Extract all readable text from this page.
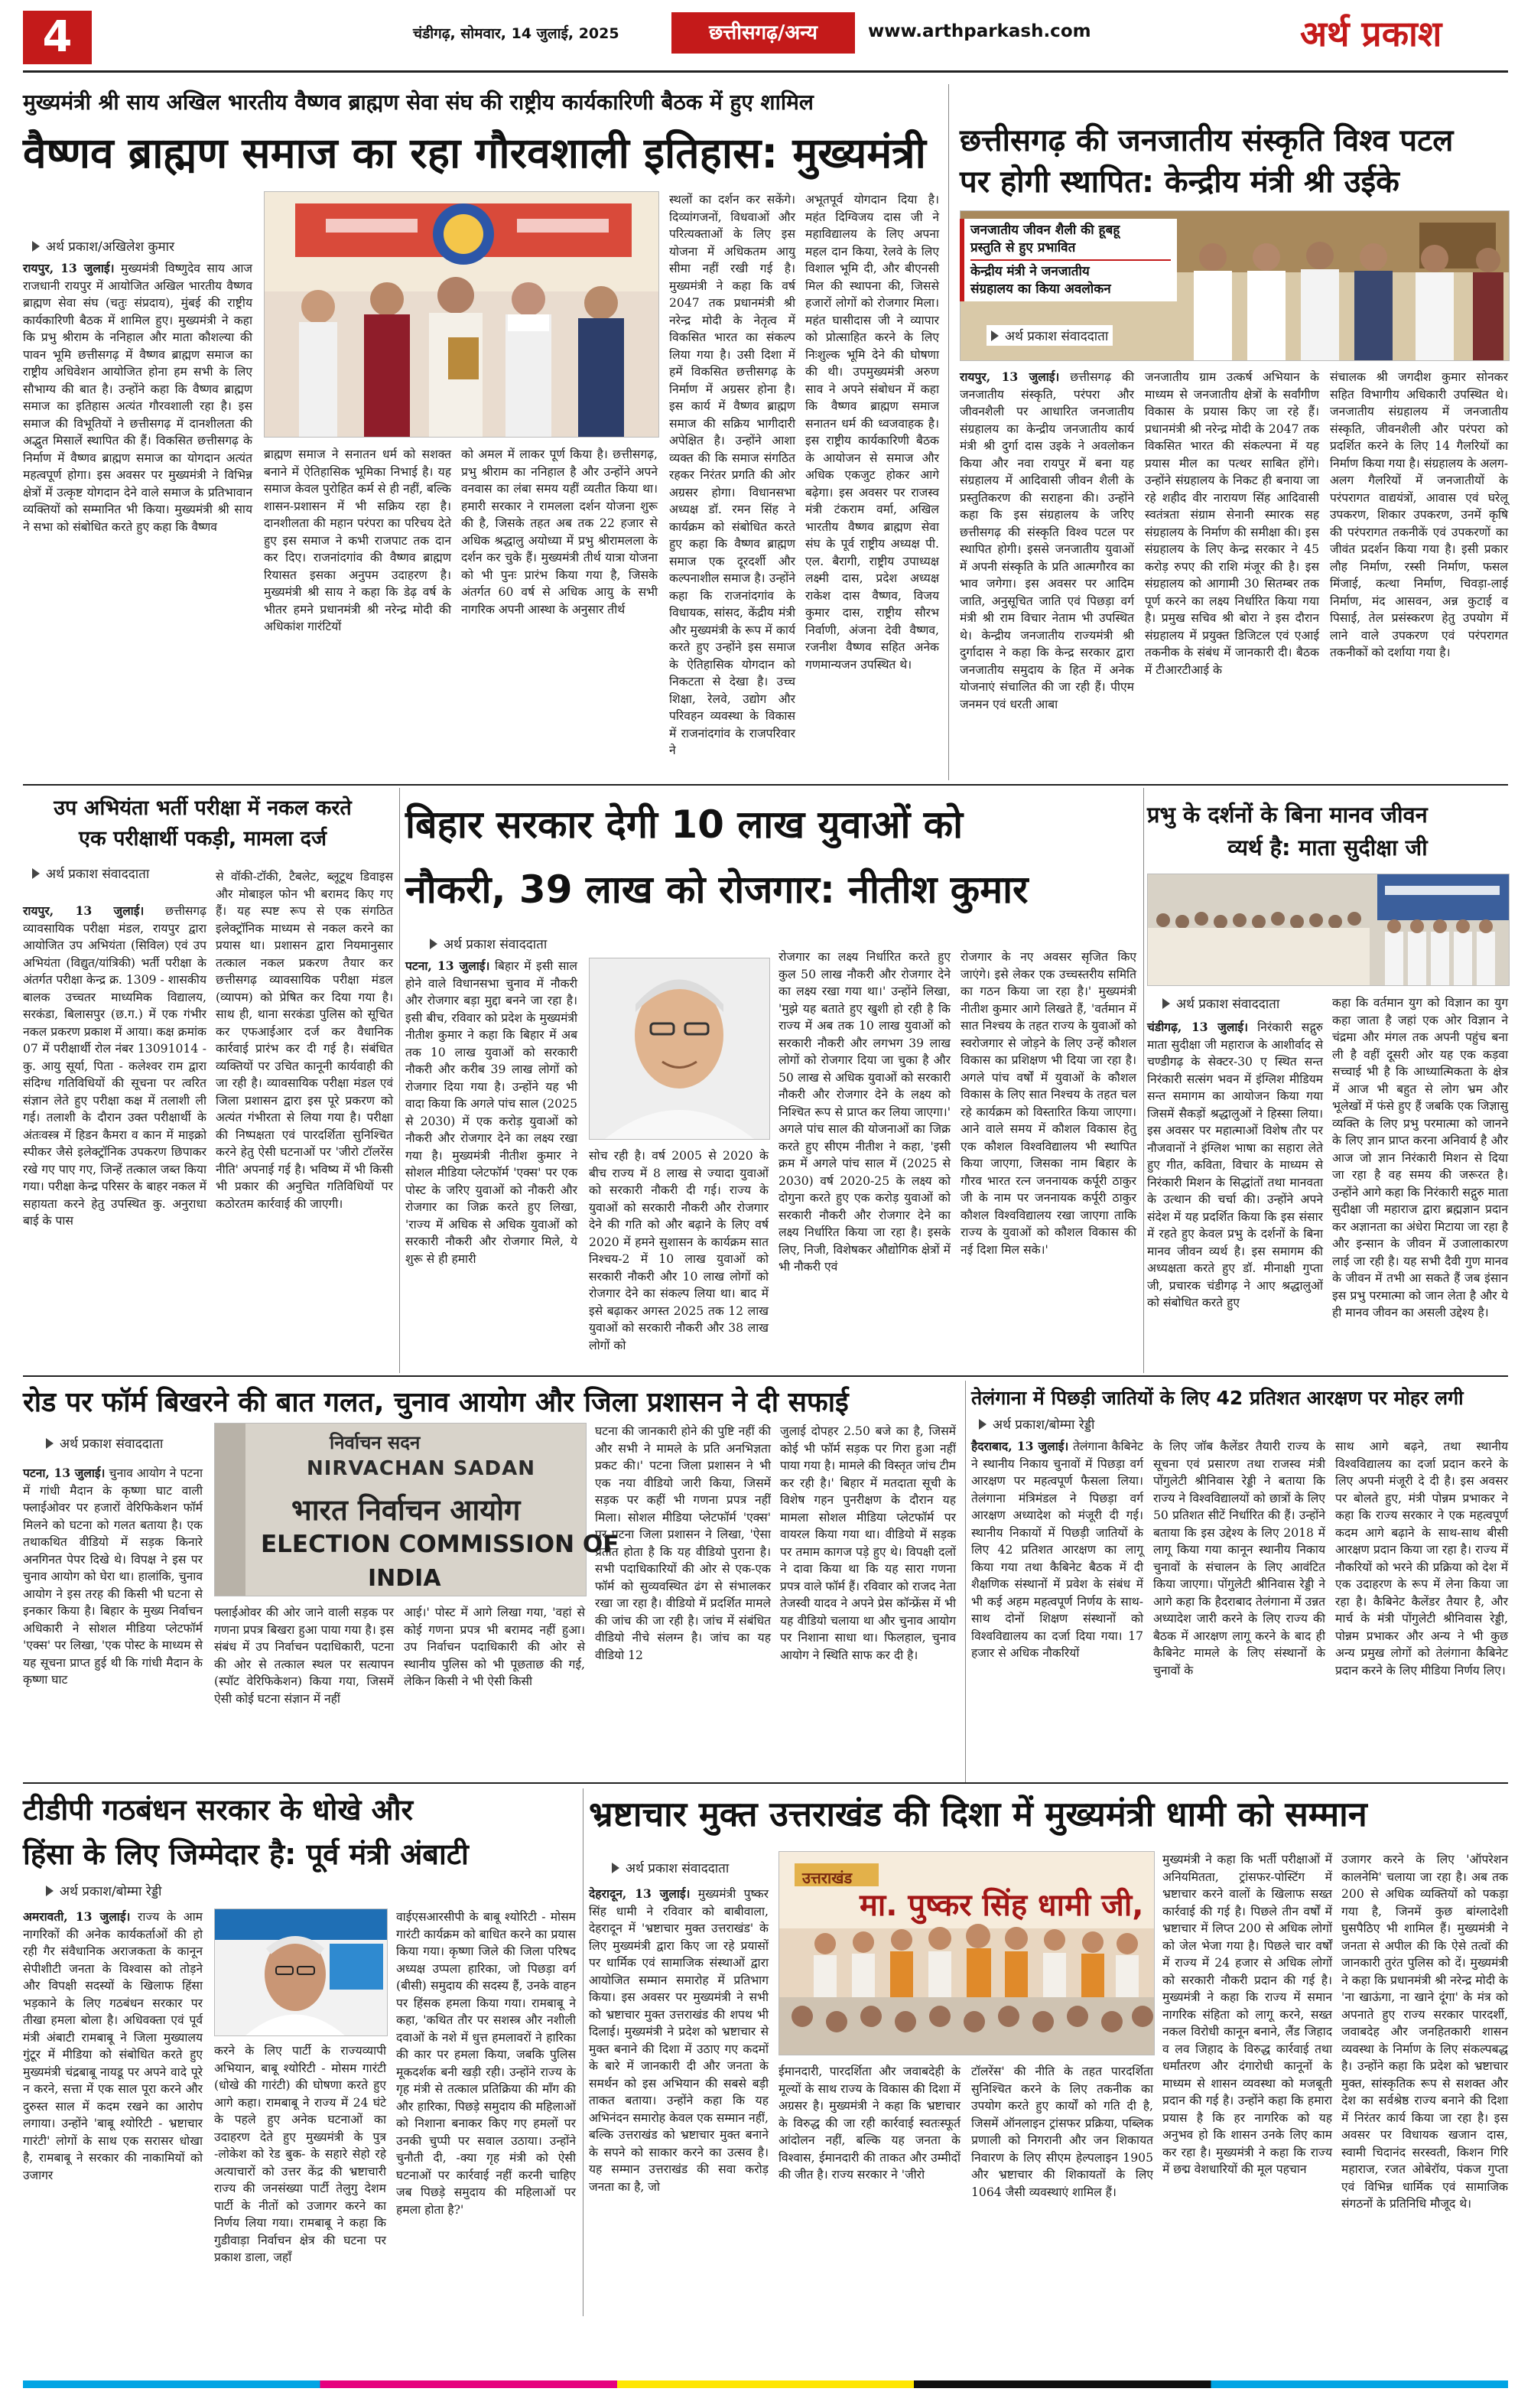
4	चंडीगढ़, सोमवार, 14 जुलाई, 2025	छत्तीसगढ़/अन्य	www.arthparkash.com	अर्थ प्रकाश
मुख्यमंत्री श्री साय अखिल भारतीय वैष्णव ब्राह्मण सेवा संघ की राष्ट्रीय कार्यकारिणी बैठक में हुए शामिल
वैष्णव ब्राह्मण समाज का रहा गौरवशाली इतिहास: मुख्यमंत्री
अर्थ प्रकाश/अखिलेश कुमार
रायपुर, 13 जुलाई। मुख्यमंत्री विष्णुदेव साय आज राजधानी रायपुर में आयोजित अखिल भारतीय वैष्णव ब्राह्मण सेवा संघ (चतुः संप्रदाय), मुंबई की राष्ट्रीय कार्यकारिणी बैठक में शामिल हुए। मुख्यमंत्री ने कहा कि प्रभु श्रीराम के ननिहाल और माता कौशल्या की पावन भूमि छत्तीसगढ़ में वैष्णव ब्राह्मण समाज का राष्ट्रीय अधिवेशन आयोजित होना हम सभी के लिए सौभाग्य की बात है। उन्होंने कहा कि वैष्णव ब्राह्मण समाज का इतिहास अत्यंत गौरवशाली रहा है। इस समाज की विभूतियों ने छत्तीसगढ़ में दानशीलता की अद्भुत मिसालें स्थापित की हैं। विकसित छत्तीसगढ़ के निर्माण में वैष्णव ब्राह्मण समाज का योगदान अत्यंत महत्वपूर्ण होगा। इस अवसर पर मुख्यमंत्री ने विभिन्न क्षेत्रों में उत्कृष्ट योगदान देने वाले समाज के प्रतिभावान व्यक्तियों को सम्मानित भी किया। मुख्यमंत्री श्री साय ने सभा को संबोधित करते हुए कहा कि वैष्णव
ब्राह्मण समाज ने सनातन धर्म को सशक्त बनाने में ऐतिहासिक भूमिका निभाई है। यह समाज केवल पुरोहित कर्म से ही नहीं, बल्कि शासन-प्रशासन में भी सक्रिय रहा है। दानशीलता की महान परंपरा का परिचय देते हुए इस समाज ने कभी राजपाट तक दान कर दिए। राजनांदगांव की वैष्णव ब्राह्मण रियासत इसका अनुपम उदाहरण है। मुख्यमंत्री श्री साय ने कहा कि डेढ़ वर्ष के भीतर हमने प्रधानमंत्री श्री नरेन्द्र मोदी की अधिकांश गारंटियों
को अमल में लाकर पूर्ण किया है। छत्तीसगढ़, प्रभु श्रीराम का ननिहाल है और उन्होंने अपने वनवास का लंबा समय यहीं व्यतीत किया था। हमारी सरकार ने रामलला दर्शन योजना शुरू की है, जिसके तहत अब तक 22 हजार से अधिक श्रद्धालु अयोध्या में प्रभु श्रीरामलला के दर्शन कर चुके हैं। मुख्यमंत्री तीर्थ यात्रा योजना को भी पुनः प्रारंभ किया गया है, जिसके अंतर्गत 60 वर्ष से अधिक आयु के सभी नागरिक अपनी आस्था के अनुसार तीर्थ
स्थलों का दर्शन कर सकेंगे। दिव्यांगजनों, विधवाओं और परित्यक्ताओं के लिए इस योजना में अधिकतम आयु सीमा नहीं रखी गई है। मुख्यमंत्री ने कहा कि वर्ष 2047 तक प्रधानमंत्री श्री नरेन्द्र मोदी के नेतृत्व में विकसित भारत का संकल्प लिया गया है। उसी दिशा में हमें विकसित छत्तीसगढ़ के निर्माण में अग्रसर होना है। इस कार्य में वैष्णव ब्राह्मण समाज की सक्रिय भागीदारी अपेक्षित है। उन्होंने आशा व्यक्त की कि समाज संगठित रहकर निरंतर प्रगति की ओर अग्रसर होगा। विधानसभा अध्यक्ष डॉ. रमन सिंह ने कार्यक्रम को संबोधित करते हुए कहा कि वैष्णव ब्राह्मण समाज एक दूरदर्शी और कल्पनाशील समाज है। उन्होंने कहा कि राजनांदगांव के विधायक, सांसद, केंद्रीय मंत्री और मुख्यमंत्री के रूप में कार्य करते हुए उन्होंने इस समाज के ऐतिहासिक योगदान को निकटता से देखा है। उच्च शिक्षा, रेलवे, उद्योग और परिवहन व्यवस्था के विकास में राजनांदगांव के राजपरिवार ने
अभूतपूर्व योगदान दिया है। महंत दिग्विजय दास जी ने महाविद्यालय के लिए अपना महल दान किया, रेलवे के लिए विशाल भूमि दी, और बीएनसी मिल की स्थापना की, जिससे हजारों लोगों को रोजगार मिला। महंत घासीदास जी ने व्यापार को प्रोत्साहित करने के लिए निःशुल्क भूमि देने की घोषणा की थी। उपमुख्यमंत्री अरुण साव ने अपने संबोधन में कहा कि वैष्णव ब्राह्मण समाज सनातन धर्म की ध्वजवाहक है। इस राष्ट्रीय कार्यकारिणी बैठक के आयोजन से समाज और अधिक एकजुट होकर आगे बढ़ेगा। इस अवसर पर राजस्व मंत्री टंकराम वर्मा, अखिल भारतीय वैष्णव ब्राह्मण सेवा संघ के पूर्व राष्ट्रीय अध्यक्ष पी. एल. बैरागी, राष्ट्रीय उपाध्यक्ष लक्ष्मी दास, प्रदेश अध्यक्ष राकेश दास वैष्णव, विजय कुमार दास, राष्ट्रीय सौरभ निर्वाणी, अंजना देवी वैष्णव, रजनीश वैष्णव सहित अनेक गणमान्यजन उपस्थित थे।
छत्तीसगढ़ की जनजातीय संस्कृति विश्व पटल
पर होगी स्थापित: केन्द्रीय मंत्री श्री उईके
जनजातीय जीवन शैली की हूबहू
प्रस्तुति से हुए प्रभावित
केन्द्रीय मंत्री ने जनजातीय
संग्रहालय का किया अवलोकन
अर्थ प्रकाश संवाददाता
रायपुर, 13 जुलाई। छत्तीसगढ़ की जनजातीय संस्कृति, परंपरा और जीवनशैली पर आधारित जनजातीय संग्रहालय का केन्द्रीय जनजातीय कार्य मंत्री श्री दुर्गा दास उइके ने अवलोकन किया और नवा रायपुर में बना यह संग्रहालय में आदिवासी जीवन शैली के प्रस्तुतिकरण की सराहना की। उन्होंने कहा कि इस संग्रहालय के जरिए छत्तीसगढ़ की संस्कृति विश्व पटल पर स्थापित होगी। इससे जनजातीय युवाओं में अपनी संस्कृति के प्रति आत्मगौरव का भाव जगेगा। इस अवसर पर आदिम जाति, अनुसूचित जाति एवं पिछड़ा वर्ग मंत्री श्री राम विचार नेताम भी उपस्थित थे। केन्द्रीय जनजातीय राज्यमंत्री श्री दुर्गादास ने कहा कि केन्द्र सरकार द्वारा जनजातीय समुदाय के हित में अनेक योजनाएं संचालित की जा रही हैं। पीएम जनमन एवं धरती आबा
जनजातीय ग्राम उत्कर्ष अभियान के माध्यम से जनजातीय क्षेत्रों के सर्वांगीण विकास के प्रयास किए जा रहे हैं। प्रधानमंत्री श्री नरेन्द्र मोदी के 2047 तक विकसित भारत की संकल्पना में यह प्रयास मील का पत्थर साबित होंगे। उन्होंने संग्रहालय के निकट ही बनाया जा रहे शहीद वीर नारायण सिंह आदिवासी स्वतंत्रता संग्राम सेनानी स्मारक सह संग्रहालय के निर्माण की समीक्षा की। इस संग्रहालय के लिए केन्द्र सरकार ने 45 करोड़ रुपए की राशि मंजूर की है। इस संग्रहालय को आगामी 30 सितम्बर तक पूर्ण करने का लक्ष्य निर्धारित किया गया है। प्रमुख सचिव श्री बोरा ने इस दौरान संग्रहालय में प्रयुक्त डिजिटल एवं एआई तकनीक के संबंध में जानकारी दी। बैठक में टीआरटीआई के
संचालक श्री जगदीश कुमार सोनकर सहित विभागीय अधिकारी उपस्थित थे। जनजातीय संग्रहालय में जनजातीय संस्कृति, जीवनशैली और परंपरा को प्रदर्शित करने के लिए 14 गैलरियों का निर्माण किया गया है। संग्रहालय के अलग-अलग गैलरियों में जनजातीयों के परंपरागत वाद्ययंत्रों, आवास एवं घरेलू उपकरण, शिकार उपकरण, उनमें कृषि की परंपरागत तकनीकें एवं उपकरणों का जीवंत प्रदर्शन किया गया है। इसी प्रकार लौह निर्माण, रस्सी निर्माण, फसल मिंजाई, कत्था निर्माण, चिवड़ा-लाई निर्माण, मंद आसवन, अन्न कुटाई व पिसाई, तेल प्रसंस्करण हेतु उपयोग में लाने वाले उपकरण एवं परंपरागत तकनीकों को दर्शाया गया है।
उप अभियंता भर्ती परीक्षा में नकल करते
एक परीक्षार्थी पकड़ी, मामला दर्ज
अर्थ प्रकाश संवाददाता
रायपुर, 13 जुलाई। छत्तीसगढ़ व्यावसायिक परीक्षा मंडल, रायपुर द्वारा आयोजित उप अभियंता (सिविल) एवं उप अभियंता (विद्युत/यांत्रिकी) भर्ती परीक्षा के अंतर्गत परीक्षा केन्द्र क्र. 1309 - शासकीय बालक उच्चतर माध्यमिक विद्यालय, सरकंडा, बिलासपुर (छ.ग.) में एक गंभीर नकल प्रकरण प्रकाश में आया। कक्ष क्रमांक 07 में परीक्षार्थी रोल नंबर 13091014 - कु. आयु सूर्या, पिता - कलेश्वर राम द्वारा संदिग्ध गतिविधियों की सूचना पर त्वरित संज्ञान लेते हुए परीक्षा कक्ष में तलाशी ली गई। तलाशी के दौरान उक्त परीक्षार्थी के अंतःवस्त्र में हिडन कैमरा व कान में माइक्रो स्पीकर जैसे इलेक्ट्रॉनिक उपकरण छिपाकर रखे गए पाए गए, जिन्हें तत्काल जब्त किया गया। परीक्षा केन्द्र परिसर के बाहर नकल में सहायता करने हेतु उपस्थित कु. अनुराधा बाई के पास
से वॉकी-टॉकी, टैबलेट, ब्लूटूथ डिवाइस और मोबाइल फोन भी बरामद किए गए हैं। यह स्पष्ट रूप से एक संगठित इलेक्ट्रॉनिक माध्यम से नकल करने का प्रयास था। प्रशासन द्वारा नियमानुसार तत्काल नकल प्रकरण तैयार कर छत्तीसगढ़ व्यावसायिक परीक्षा मंडल (व्यापम) को प्रेषित कर दिया गया है। साथ ही, थाना सरकंडा पुलिस को सूचित कर एफआईआर दर्ज कर वैधानिक कार्रवाई प्रारंभ कर दी गई है। संबंधित व्यक्तियों पर उचित कानूनी कार्यवाही की जा रही है। व्यावसायिक परीक्षा मंडल एवं जिला प्रशासन द्वारा इस पूरे प्रकरण को अत्यंत गंभीरता से लिया गया है। परीक्षा की निष्पक्षता एवं पारदर्शिता सुनिश्चित करने हेतु ऐसी घटनाओं पर 'जीरो टॉलरेंस नीति' अपनाई गई है। भविष्य में भी किसी भी प्रकार की अनुचित गतिविधियों पर कठोरतम कार्रवाई की जाएगी।
बिहार सरकार देगी 10 लाख युवाओं को
नौकरी, 39 लाख को रोजगार: नीतीश कुमार
अर्थ प्रकाश संवाददाता
पटना, 13 जुलाई। बिहार में इसी साल होने वाले विधानसभा चुनाव में नौकरी और रोजगार बड़ा मुद्दा बनने जा रहा है। इसी बीच, रविवार को प्रदेश के मुख्यमंत्री नीतीश कुमार ने कहा कि बिहार में अब तक 10 लाख युवाओं को सरकारी नौकरी और करीब 39 लाख लोगों को रोजगार दिया गया है। उन्होंने यह भी वादा किया कि अगले पांच साल (2025 से 2030) में एक करोड़ युवाओं को नौकरी और रोजगार देने का लक्ष्य रखा गया है। मुख्यमंत्री नीतीश कुमार ने सोशल मीडिया प्लेटफॉर्म 'एक्स' पर एक पोस्ट के जरिए युवाओं को नौकरी और रोजगार का जिक्र करते हुए लिखा, 'राज्य में अधिक से अधिक युवाओं को सरकारी नौकरी और रोजगार मिले, ये शुरू से ही हमारी
सोच रही है। वर्ष 2005 से 2020 के बीच राज्य में 8 लाख से ज्यादा युवाओं को सरकारी नौकरी दी गई। राज्य के युवाओं को सरकारी नौकरी और रोजगार देने की गति को और बढ़ाने के लिए वर्ष 2020 में हमने सुशासन के कार्यक्रम सात निश्चय-2 में 10 लाख युवाओं को सरकारी नौकरी और 10 लाख लोगों को रोजगार देने का संकल्प लिया था। बाद में इसे बढ़ाकर अगस्त 2025 तक 12 लाख युवाओं को सरकारी नौकरी और 38 लाख लोगों को
रोजगार का लक्ष्य निर्धारित करते हुए कुल 50 लाख नौकरी और रोजगार देने का लक्ष्य रखा गया था।' उन्होंने लिखा, 'मुझे यह बताते हुए खुशी हो रही है कि राज्य में अब तक 10 लाख युवाओं को सरकारी नौकरी और लगभग 39 लाख लोगों को रोजगार दिया जा चुका है और 50 लाख से अधिक युवाओं को सरकारी नौकरी और रोजगार देने के लक्ष्य को निश्चित रूप से प्राप्त कर लिया जाएगा।' अगले पांच साल की योजनाओं का जिक्र करते हुए सीएम नीतीश ने कहा, 'इसी क्रम में अगले पांच साल में (2025 से 2030) वर्ष 2020-25 के लक्ष्य को दोगुना करते हुए एक करोड़ युवाओं को सरकारी नौकरी और रोजगार देने का लक्ष्य निर्धारित किया जा रहा है। इसके लिए, निजी, विशेषकर औद्योगिक क्षेत्रों में भी नौकरी एवं
रोजगार के नए अवसर सृजित किए जाएंगे। इसे लेकर एक उच्चस्तरीय समिति का गठन किया जा रहा है।' मुख्यमंत्री नीतीश कुमार आगे लिखते हैं, 'वर्तमान में सात निश्चय के तहत राज्य के युवाओं को स्वरोजगार से जोड़ने के लिए उन्हें कौशल विकास का प्रशिक्षण भी दिया जा रहा है। अगले पांच वर्षों में युवाओं के कौशल विकास के लिए सात निश्चय के तहत चल रहे कार्यक्रम को विस्तारित किया जाएगा। आने वाले समय में कौशल विकास हेतु एक कौशल विश्वविद्यालय भी स्थापित किया जाएगा, जिसका नाम बिहार के गौरव भारत रत्न जननायक कर्पूरी ठाकुर जी के नाम पर जननायक कर्पूरी ठाकुर कौशल विश्वविद्यालय रखा जाएगा ताकि राज्य के युवाओं को कौशल विकास की नई दिशा मिल सके।'
प्रभु के दर्शनों के बिना मानव जीवन
व्यर्थ है: माता सुदीक्षा जी
अर्थ प्रकाश संवाददाता
चंडीगढ़, 13 जुलाई। निरंकारी सद्गुरु माता सुदीक्षा जी महाराज के आशीर्वाद से चण्डीगढ़ के सेक्टर-30 ए स्थित सन्त निरंकारी सत्संग भवन में इंग्लिश मीडियम सन्त समागम का आयोजन किया गया जिसमें सैकड़ों श्रद्धालुओं ने हिस्सा लिया। इस अवसर पर महात्माओं विशेष तौर पर नौजवानों ने इंग्लिश भाषा का सहारा लेते हुए गीत, कविता, विचार के माध्यम से निरंकारी मिशन के सिद्धांतों तथा मानवता के उत्थान की चर्चा की। उन्होंने अपने संदेश में यह प्रदर्शित किया कि इस संसार में रहते हुए केवल प्रभु के दर्शनों के बिना मानव जीवन व्यर्थ है। इस समागम की अध्यक्षता करते हुए डॉ. मीनाक्षी गुप्ता जी, प्रचारक चंडीगढ़ ने आए श्रद्धालुओं को संबोधित करते हुए
कहा कि वर्तमान युग को विज्ञान का युग कहा जाता है जहां एक ओर विज्ञान ने चंद्रमा और मंगल तक अपनी पहुंच बना ली है वहीं दूसरी ओर यह एक कड़वा सच्चाई भी है कि आध्यात्मिकता के क्षेत्र में आज भी बहुत से लोग भ्रम और भूलेखों में फंसे हुए हैं जबकि एक जिज्ञासु व्यक्ति के लिए प्रभु परमात्मा को जानने के लिए ज्ञान प्राप्त करना अनिवार्य है और आज जो ज्ञान निरंकारी मिशन से दिया जा रहा है वह समय की जरूरत है। उन्होंने आगे कहा कि निरंकारी सद्गुरु माता सुदीक्षा जी महाराज द्वारा ब्रह्मज्ञान प्रदान कर अज्ञानता का अंधेरा मिटाया जा रहा है और इन्सान के जीवन में उजालाकारण लाई जा रही है। यह सभी दैवी गुण मानव के जीवन में तभी आ सकते हैं जब इंसान इस प्रभु परमात्मा को जान लेता है और ये ही मानव जीवन का असली उद्देश्य है।
रोड पर फॉर्म बिखरने की बात गलत, चुनाव आयोग और जिला प्रशासन ने दी सफाई
अर्थ प्रकाश संवाददाता	निर्वाचन सदन
NIRVACHAN SADAN
भारत निर्वाचन आयोग
ELECTION COMMISSION OF
INDIA
पटना, 13 जुलाई। चुनाव आयोग ने पटना में गांधी मैदान के कृष्णा घाट वाली फ्लाईओवर पर हजारों वेरिफिकेशन फॉर्म मिलने को घटना को गलत बताया है। एक तथाकथित वीडियो में सड़क किनारे अनगिनत पेपर दिखे थे। विपक्ष ने इस पर चुनाव आयोग को घेरा था। हालांकि, चुनाव आयोग ने इस तरह की किसी भी घटना से इनकार किया है। बिहार के मुख्य निर्वाचन अधिकारी ने सोशल मीडिया प्लेटफॉर्म 'एक्स' पर लिखा, 'एक पोस्ट के माध्यम से यह सूचना प्राप्त हुई थी कि गांधी मैदान के कृष्णा घाट
फ्लाईओवर की ओर जाने वाली सड़क पर गणना प्रपत्र बिखरा हुआ पाया गया है। इस संबंध में उप निर्वाचन पदाधिकारी, पटना की ओर से तत्काल स्थल पर सत्यापन (स्पॉट वेरिफिकेशन) किया गया, जिसमें ऐसी कोई घटना संज्ञान में नहीं
आई।' पोस्ट में आगे लिखा गया, 'वहां से कोई गणना प्रपत्र भी बरामद नहीं हुआ। उप निर्वाचन पदाधिकारी की ओर से स्थानीय पुलिस को भी पूछताछ की गई, लेकिन किसी ने भी ऐसी किसी
घटना की जानकारी होने की पुष्टि नहीं की और सभी ने मामले के प्रति अनभिज्ञता प्रकट की।' पटना जिला प्रशासन ने भी एक नया वीडियो जारी किया, जिसमें सड़क पर कहीं भी गणना प्रपत्र नहीं मिला। सोशल मीडिया प्लेटफॉर्म 'एक्स' पर पटना जिला प्रशासन ने लिखा, 'ऐसा प्रतीत होता है कि यह वीडियो पुराना है। सभी पदाधिकारियों की ओर से एक-एक फॉर्म को सुव्यवस्थित ढंग से संभालकर रखा जा रहा है। वीडियो में प्रदर्शित मामले की जांच की जा रही है। जांच में संबंधित वीडियो नीचे संलग्न है। जांच का यह वीडियो 12
जुलाई दोपहर 2.50 बजे का है, जिसमें कोई भी फॉर्म सड़क पर गिरा हुआ नहीं पाया गया है। मामले की विस्तृत जांच टीम कर रही है।' बिहार में मतदाता सूची के विशेष गहन पुनरीक्षण के दौरान यह मामला सोशल मीडिया प्लेटफॉर्म पर वायरल किया गया था। वीडियो में सड़क पर तमाम कागज पड़े हुए थे। विपक्षी दलों ने दावा किया था कि यह सारा गणना प्रपत्र वाले फॉर्म हैं। रविवार को राजद नेता तेजस्वी यादव ने अपने प्रेस कॉन्फ्रेंस में भी यह वीडियो चलाया था और चुनाव आयोग पर निशाना साधा था। फिलहाल, चुनाव आयोग ने स्थिति साफ कर दी है।
तेलंगाना में पिछड़ी जातियों के लिए 42 प्रतिशत आरक्षण पर मोहर लगी
अर्थ प्रकाश/बोम्मा रेड्डी
हैदराबाद, 13 जुलाई। तेलंगाना कैबिनेट ने स्थानीय निकाय चुनावों में पिछड़ा वर्ग आरक्षण पर महत्वपूर्ण फैसला लिया। तेलंगाना मंत्रिमंडल ने पिछड़ा वर्ग आरक्षण अध्यादेश को मंजूरी दी गई। स्थानीय निकायों में पिछड़ी जातियों के लिए 42 प्रतिशत आरक्षण का लागू किया गया तथा कैबिनेट बैठक में दी शैक्षणिक संस्थानों में प्रवेश के संबंध में भी कई अहम महत्वपूर्ण निर्णय के साथ-साथ दोनों शिक्षण संस्थानों को विश्वविद्यालय का दर्जा दिया गया। 17 हजार से अधिक नौकरियों
के लिए जॉब कैलेंडर तैयारी राज्य के सूचना एवं प्रसारण तथा राजस्व मंत्री पोंगुलेटी श्रीनिवास रेड्डी ने बताया कि राज्य ने विश्वविद्यालयों को छात्रों के लिए 50 प्रतिशत सीटें निर्धारित की हैं। उन्होंने बताया कि इस उद्देश्य के लिए 2018 में लागू किया गया कानून स्थानीय निकाय चुनावों के संचालन के लिए आवंटित किया जाएगा। पोंगुलेटी श्रीनिवास रेड्डी ने आगे कहा कि हैदराबाद तेलंगाना में उन्नत अध्यादेश जारी करने के लिए राज्य की बैठक में आरक्षण लागू करने के बाद ही कैबिनेट मामले के लिए संस्थानों के चुनावों के
साथ आगे बढ़ने, तथा स्थानीय विश्वविद्यालय का दर्जा प्रदान करने के लिए अपनी मंजूरी दे दी है। इस अवसर पर बोलते हुए, मंत्री पोन्नम प्रभाकर ने कहा कि राज्य सरकार ने एक महत्वपूर्ण कदम आगे बढ़ाने के साथ-साथ बीसी आरक्षण प्रदान किया जा रहा है। राज्य में नौकरियों को भरने की प्रक्रिया को देश में एक उदाहरण के रूप में लेना किया जा रहा है। कैबिनेट कैलेंडर तैयार है, और मार्च के मंत्री पोंगुलेटी श्रीनिवास रेड्डी, पोन्नम प्रभाकर और अन्य ने भी कुछ अन्य प्रमुख लोगों को तेलंगाना कैबिनेट प्रदान करने के लिए मीडिया निर्णय लिए।
टीडीपी गठबंधन सरकार के धोखे और
हिंसा के लिए जिम्मेदार है: पूर्व मंत्री अंबाटी
अर्थ प्रकाश/बोम्मा रेड्डी
अमरावती, 13 जुलाई। राज्य के आम नागरिकों की अनेक कार्यकर्ताओं की हो रही गैर संवैधानिक अराजकता के कानून सेपीशीटी जनता के विश्वास को तोड़ने और विपक्षी सदस्यों के खिलाफ हिंसा भड़काने के लिए गठबंधन सरकार पर तीखा हमला बोला है। अधिवक्ता एवं पूर्व मंत्री अंबाटी रामबाबू ने जिला मुख्यालय गुंटूर में मीडिया को संबोधित करते हुए मुख्यमंत्री चंद्रबाबू नायडू पर अपने वादे पूरे न करने, सत्ता में एक साल पूरा करने और दुरुस्त साल में कदम रखने का आरोप लगाया। उन्होंने 'बाबू श्योरिटी - भ्रष्टाचार गारंटी' लोगों के साथ एक सरासर धोखा है, रामबाबू ने सरकार की नाकामियों को उजागर
करने के लिए पार्टी के राज्यव्यापी अभियान, बाबू श्योरिटी - मोसम गारंटी (धोखे की गारंटी) की घोषणा करते हुए आगे कहा। रामबाबू ने राज्य में 24 घंटे के पहले हुए अनेक घटनाओं का उदाहरण देते हुए मुख्यमंत्री के पुत्र -लोकेश को रेड बुक- के सहारे सेहो रहे अत्याचारों को उत्तर केंद्र की भ्रष्टाचारी राज्य की जनसंख्या पार्टी तेलुगु देशम पार्टी के नीतों को उजागर करने का निर्णय लिया गया। रामबाबू ने कहा कि गुडीवाड़ा निर्वाचन क्षेत्र की घटना पर प्रकाश डाला, जहाँ
वाईएसआरसीपी के बाबू श्योरिटी - मोसम गारंटी कार्यक्रम को बाधित करने का प्रयास किया गया। कृष्णा जिले की जिला परिषद अध्यक्ष उप्पला हारिका, जो पिछड़ा वर्ग (बीसी) समुदाय की सदस्य हैं, उनके वाहन पर हिंसक हमला किया गया। रामबाबू ने कहा, 'कथित तौर पर सशस्त्र और नशीली दवाओं के नशे में धुत्त हमलावरों ने हारिका की कार पर हमला किया, जबकि पुलिस मूकदर्शक बनी खड़ी रही। उन्होंने राज्य के गृह मंत्री से तत्काल प्रतिक्रिया की माँग की और हारिका, पिछड़े समुदाय की महिलाओं को निशाना बनाकर किए गए हमलों पर उनकी चुप्पी पर सवाल उठाया। उन्होंने चुनौती दी, -क्या गृह मंत्री को ऐसी घटनाओं पर कार्रवाई नहीं करनी चाहिए जब पिछड़े समुदाय की महिलाओं पर हमला होता है?'
भ्रष्टाचार मुक्त उत्तराखंड की दिशा में मुख्यमंत्री धामी को सम्मान
अर्थ प्रकाश संवाददाता	उत्तराखंड
मा. पुष्कर सिंह धामी जी,
देहरादून, 13 जुलाई। मुख्यमंत्री पुष्कर सिंह धामी ने रविवार को बाबीवाला, देहरादून में 'भ्रष्टाचार मुक्त उत्तराखंड' के लिए मुख्यमंत्री द्वारा किए जा रहे प्रयासों पर धार्मिक एवं सामाजिक संस्थाओं द्वारा आयोजित सम्मान समारोह में प्रतिभाग किया। इस अवसर पर मुख्यमंत्री ने सभी को भ्रष्टाचार मुक्त उत्तराखंड की शपथ भी दिलाई। मुख्यमंत्री ने प्रदेश को भ्रष्टाचार से मुक्त बनाने की दिशा में उठाए गए कदमों के बारे में जानकारी दी और जनता के समर्थन को इस अभियान की सबसे बड़ी ताकत बताया। उन्होंने कहा कि यह अभिनंदन समारोह केवल एक सम्मान नहीं, बल्कि उत्तराखंड को भ्रष्टाचार मुक्त बनाने के सपने को साकार करने का उत्सव है। यह सम्मान उत्तराखंड की सवा करोड़ जनता का है, जो
ईमानदारी, पारदर्शिता और जवाबदेही के मूल्यों के साथ राज्य के विकास की दिशा में अग्रसर है। मुख्यमंत्री ने कहा कि भ्रष्टाचार के विरुद्ध की जा रही कार्रवाई स्वतःस्फूर्त आंदोलन नहीं, बल्कि यह जनता के विश्वास, ईमानदारी की ताकत और उम्मीदों की जीत है। राज्य सरकार ने 'जीरो
टॉलरेंस' की नीति के तहत पारदर्शिता सुनिश्चित करने के लिए तकनीक का उपयोग करते हुए कार्यों को गति दी है, जिसमें ऑनलाइन ट्रांसफर प्रक्रिया, पब्लिक प्रणाली को निगरानी और जन शिकायत निवारण के लिए सीएम हेल्पलाइन 1905 और भ्रष्टाचार की शिकायतों के लिए 1064 जैसी व्यवस्थाएं शामिल हैं।
मुख्यमंत्री ने कहा कि भर्ती परीक्षाओं में अनियमितता, ट्रांसफर-पोस्टिंग में भ्रष्टाचार करने वालों के खिलाफ सख्त कार्रवाई की गई है। पिछले तीन वर्षों में भ्रष्टाचार में लिप्त 200 से अधिक लोगों को जेल भेजा गया है। पिछले चार वर्षों में राज्य में 24 हजार से अधिक लोगों को सरकारी नौकरी प्रदान की गई है। मुख्यमंत्री ने कहा कि राज्य में समान नागरिक संहिता को लागू करने, सख्त नकल विरोधी कानून बनाने, लैंड जिहाद व लव जिहाद के विरुद्ध कार्रवाई तथा धर्मांतरण और दंगारोधी कानूनों के माध्यम से शासन व्यवस्था को मजबूती प्रदान की गई है। उन्होंने कहा कि हमारा प्रयास है कि हर नागरिक को यह अनुभव हो कि शासन उनके लिए काम कर रहा है। मुख्यमंत्री ने कहा कि राज्य में छद्म वेशधारियों की मूल पहचान
उजागर करने के लिए 'ऑपरेशन कालनेमि' चलाया जा रहा है। अब तक 200 से अधिक व्यक्तियों को पकड़ा गया है, जिनमें कुछ बांग्लादेशी घुसपैठिए भी शामिल हैं। मुख्यमंत्री ने जनता से अपील की कि ऐसे तत्वों की जानकारी तुरंत पुलिस को दें। मुख्यमंत्री ने कहा कि प्रधानमंत्री श्री नरेन्द्र मोदी के 'ना खाऊंगा, ना खाने दूंगा' के मंत्र को अपनाते हुए राज्य सरकार पारदर्शी, जवाबदेह और जनहितकारी शासन व्यवस्था के निर्माण के लिए संकल्पबद्ध है। उन्होंने कहा कि प्रदेश को भ्रष्टाचार मुक्त, सांस्कृतिक रूप से सशक्त और देश का सर्वश्रेष्ठ राज्य बनाने की दिशा में निरंतर कार्य किया जा रहा है। इस अवसर पर विधायक खजान दास, स्वामी चिदानंद सरस्वती, किशन गिरि महाराज, रजत ओबेरॉय, पंकज गुप्ता एवं विभिन्न धार्मिक एवं सामाजिक संगठनों के प्रतिनिधि मौजूद थे।
